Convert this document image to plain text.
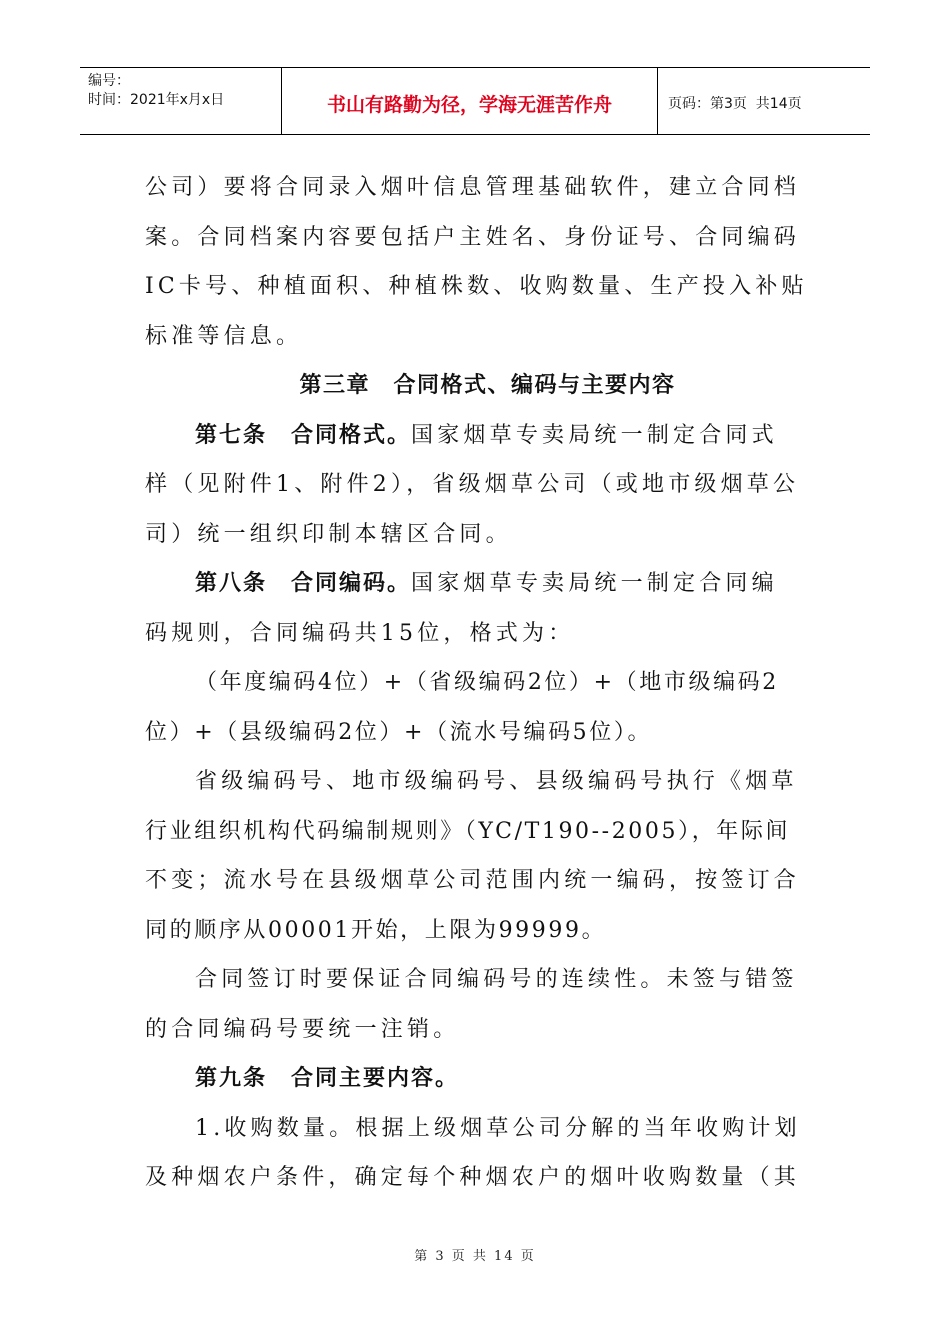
编号：
时间：2021年x月x日	书山有路勤为径，学海无涯苦作舟	页码：第3页  共14页
公司）要将合同录入烟叶信息管理基础软件，建立合同档
案。合同档案内容要包括户主姓名、身份证号、合同编码
IC卡号、种植面积、种植株数、收购数量、生产投入补贴
标准等信息。
第三章　合同格式、编码与主要内容
第七条　合同格式。国家烟草专卖局统一制定合同式
样（见附件1、附件2），省级烟草公司（或地市级烟草公
司）统一组织印制本辖区合同。
第八条　合同编码。国家烟草专卖局统一制定合同编
码规则，合同编码共15位，格式为：
（年度编码4位）+（省级编码2位）+（地市级编码2
位）+（县级编码2位）+（流水号编码5位）。
省级编码号、地市级编码号、县级编码号执行《烟草
行业组织机构代码编制规则》（YC/T190--2005），年际间
不变；流水号在县级烟草公司范围内统一编码，按签订合
同的顺序从00001开始，上限为99999。
合同签订时要保证合同编码号的连续性。未签与错签
的合同编码号要统一注销。
第九条　合同主要内容。
1.收购数量。根据上级烟草公司分解的当年收购计划
及种烟农户条件，确定每个种烟农户的烟叶收购数量（其
第 3 页 共 14 页
